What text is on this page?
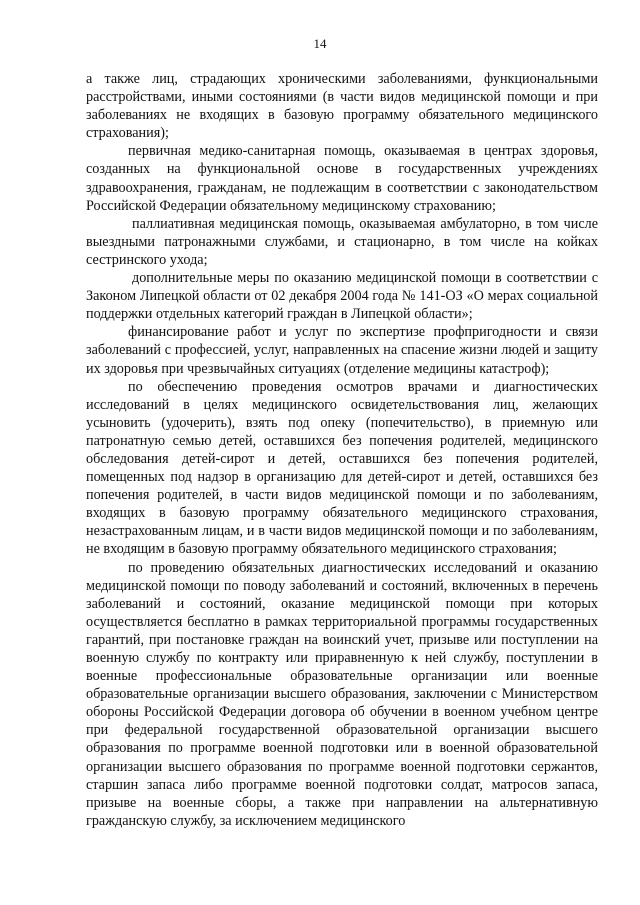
14

а также лиц, страдающих хроническими заболеваниями, функциональными расстройствами, иными состояниями (в части видов медицинской помощи и при заболеваниях не входящих в базовую программу обязательного медицинского страхования);

первичная медико-санитарная помощь, оказываемая в центрах здоровья, созданных на функциональной основе в государственных учреждениях здравоохранения, гражданам, не подлежащим в соответствии с законодательством Российской Федерации обязательному медицинскому страхованию;

паллиативная медицинская помощь, оказываемая амбулаторно, в том числе выездными патронажными службами, и стационарно, в том числе на койках сестринского ухода;

дополнительные меры по оказанию медицинской помощи в соответствии с Законом Липецкой области от 02 декабря 2004 года № 141-ОЗ «О мерах социальной поддержки отдельных категорий граждан в Липецкой области»;

финансирование работ и услуг по экспертизе профпригодности и связи заболеваний с профессией, услуг, направленных на спасение жизни людей и защиту их здоровья при чрезвычайных ситуациях (отделение медицины катастроф);

по обеспечению проведения осмотров врачами и диагностических исследований в целях медицинского освидетельствования лиц, желающих усыновить (удочерить), взять под опеку (попечительство), в приемную или патронатную семью детей, оставшихся без попечения родителей, медицинского обследования детей-сирот и детей, оставшихся без попечения родителей, помещенных под надзор в организацию для детей-сирот и детей, оставшихся без попечения родителей, в части видов медицинской помощи и по заболеваниям, входящих в базовую программу обязательного медицинского страхования, незастрахованным лицам, и в части видов медицинской помощи и по заболеваниям, не входящим в базовую программу обязательного медицинского страхования;

по проведению обязательных диагностических исследований и оказанию медицинской помощи по поводу заболеваний и состояний, включенных в перечень заболеваний и состояний, оказание медицинской помощи при которых осуществляется бесплатно в рамках территориальной программы государственных гарантий, при постановке граждан на воинский учет, призыве или поступлении на военную службу по контракту или приравненную к ней службу, поступлении в военные профессиональные образовательные организации или военные образовательные организации высшего образования, заключении с Министерством обороны Российской Федерации договора об обучении в военном учебном центре при федеральной государственной образовательной организации высшего образования по программе военной подготовки или в военной образовательной организации высшего образования по программе военной подготовки сержантов, старшин запаса либо программе военной подготовки солдат, матросов запаса, призыве на военные сборы, а также при направлении на альтернативную гражданскую службу, за исключением медицинского
